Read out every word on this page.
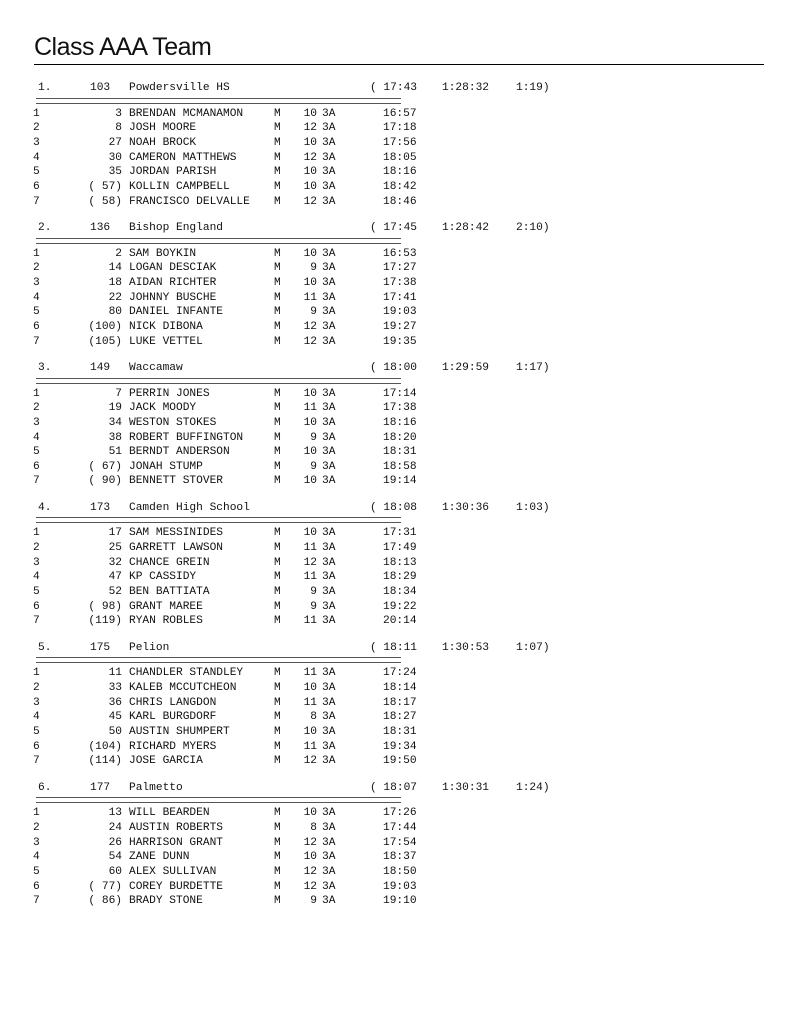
Class AAA Team
1.	103 Powdersville HS	( 17:43 1:28:32 1:19)
1	3 BRENDAN MCMANAMON	M	10 3A	16:57
2	8 JOSH MOORE	M	12 3A	17:18
3	27 NOAH BROCK	M	10 3A	17:56
4	30 CAMERON MATTHEWS	M	12 3A	18:05
5	35 JORDAN PARISH	M	10 3A	18:16
6	( 57) KOLLIN CAMPBELL	M	10 3A	18:42
7	( 58) FRANCISCO DELVALLE M	12 3A	18:46
2.	136 Bishop England	( 17:45 1:28:42 2:10)
1	2 SAM BOYKIN	M	10 3A	16:53
2	14 LOGAN DESCIAK	M	9 3A	17:27
3	18 AIDAN RICHTER	M	10 3A	17:38
4	22 JOHNNY BUSCHE	M	11 3A	17:41
5	80 DANIEL INFANTE	M	9 3A	19:03
6	(100) NICK DIBONA	M	12 3A	19:27
7	(105) LUKE VETTEL	M	12 3A	19:35
3.	149 Waccamaw	( 18:00 1:29:59 1:17)
1	7 PERRIN JONES	M	10 3A	17:14
2	19 JACK MOODY	M	11 3A	17:38
3	34 WESTON STOKES	M	10 3A	18:16
4	38 ROBERT BUFFINGTON	M	9 3A	18:20
5	51 BERNDT ANDERSON	M	10 3A	18:31
6	( 67) JONAH STUMP	M	9 3A	18:58
7	( 90) BENNETT STOVER	M	10 3A	19:14
4.	173 Camden High School	( 18:08 1:30:36 1:03)
1	17 SAM MESSINIDES	M	10 3A	17:31
2	25 GARRETT LAWSON	M	11 3A	17:49
3	32 CHANCE GREIN	M	12 3A	18:13
4	47 KP CASSIDY	M	11 3A	18:29
5	52 BEN BATTIATA	M	9 3A	18:34
6	( 98) GRANT MAREE	M	9 3A	19:22
7	(119) RYAN ROBLES	M	11 3A	20:14
5.	175 Pelion	( 18:11 1:30:53 1:07)
1	11 CHANDLER STANDLEY	M	11 3A	17:24
2	33 KALEB MCCUTCHEON	M	10 3A	18:14
3	36 CHRIS LANGDON	M	11 3A	18:17
4	45 KARL BURGDORF	M	8 3A	18:27
5	50 AUSTIN SHUMPERT	M	10 3A	18:31
6	(104) RICHARD MYERS	M	11 3A	19:34
7	(114) JOSE GARCIA	M	12 3A	19:50
6.	177 Palmetto	( 18:07 1:30:31 1:24)
1	13 WILL BEARDEN	M	10 3A	17:26
2	24 AUSTIN ROBERTS	M	8 3A	17:44
3	26 HARRISON GRANT	M	12 3A	17:54
4	54 ZANE DUNN	M	10 3A	18:37
5	60 ALEX SULLIVAN	M	12 3A	18:50
6	( 77) COREY BURDETTE	M	12 3A	19:03
7	( 86) BRADY STONE	M	9 3A	19:10
